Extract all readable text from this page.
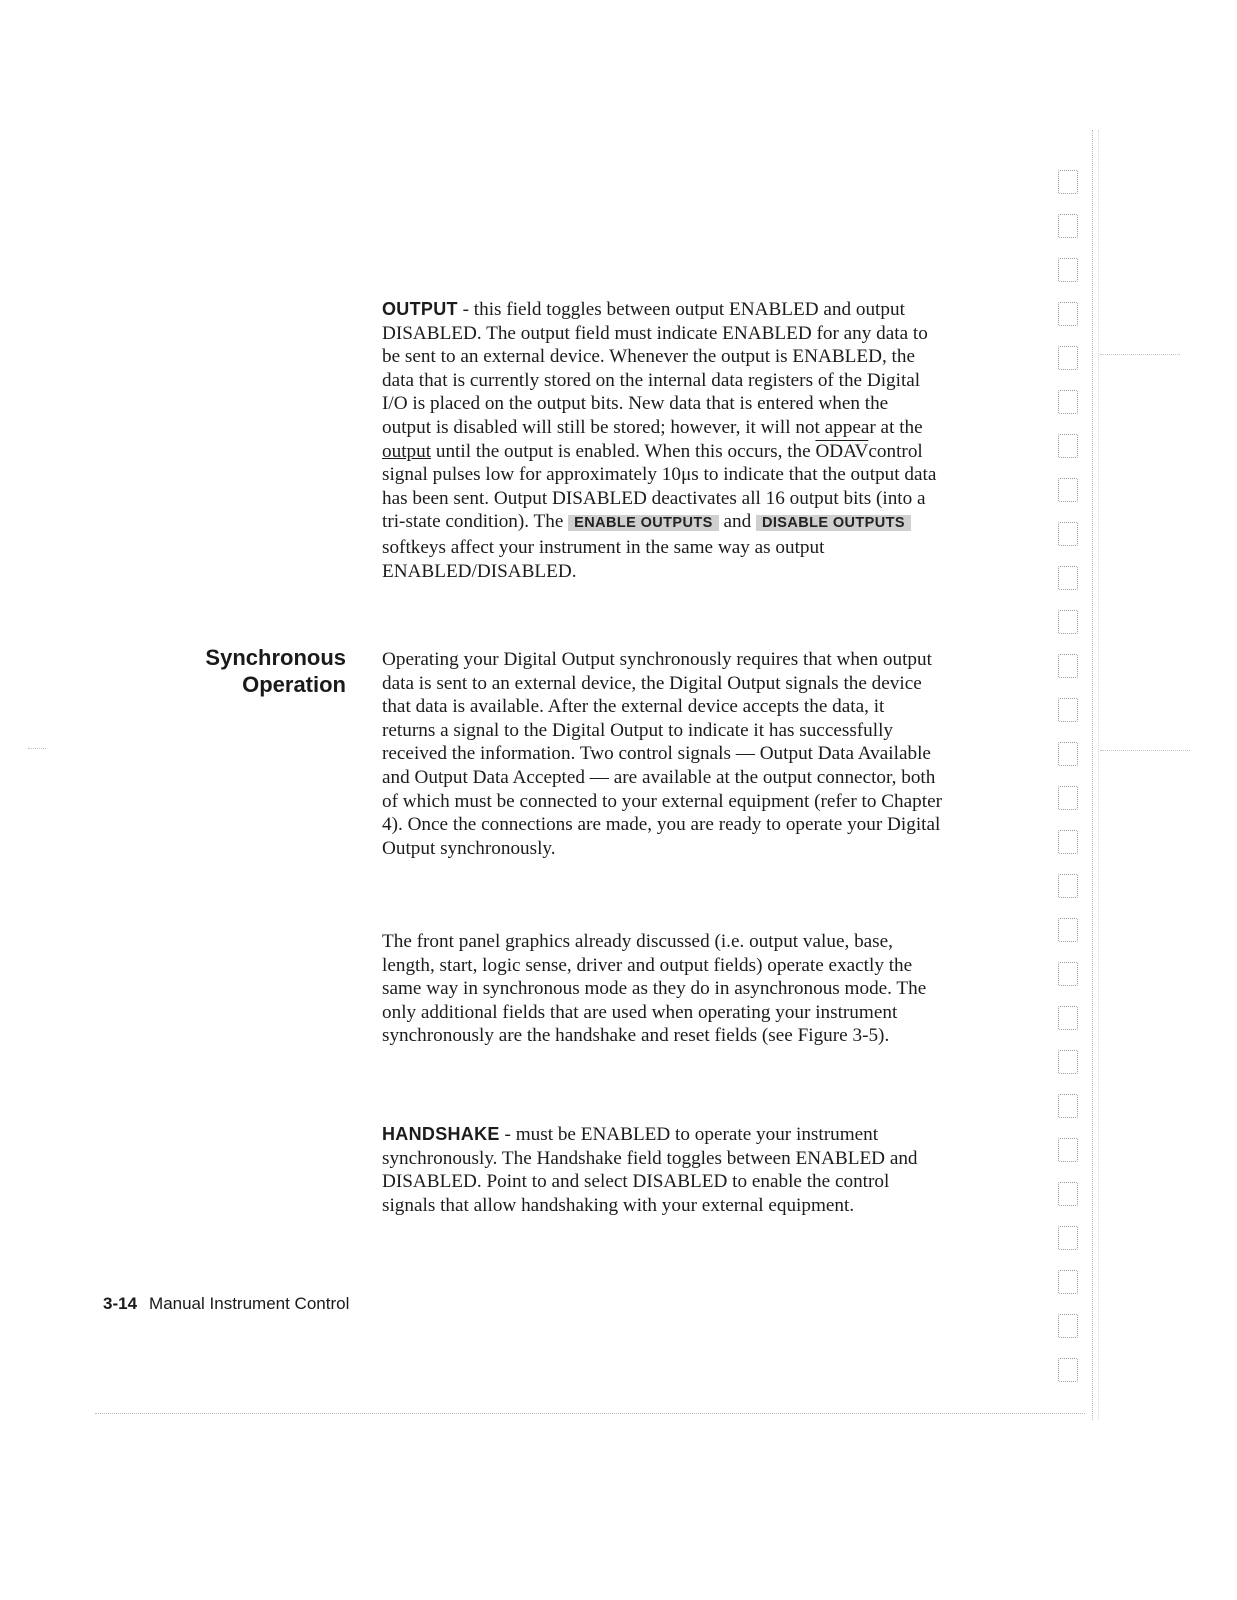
OUTPUT - this field toggles between output ENABLED and output DISABLED. The output field must indicate ENABLED for any data to be sent to an external device. Whenever the output is ENABLED, the data that is currently stored on the internal data registers of the Digital I/O is placed on the output bits. New data that is entered when the output is disabled will still be stored; however, it will not appear at the output until the output is enabled. When this occurs, the ODAVcontrol signal pulses low for approximately 10μs to indicate that the output data has been sent. Output DISABLED deactivates all 16 output bits (into a tri-state condition). The ENABLE OUTPUTS and DISABLE OUTPUTS softkeys affect your instrument in the same way as output ENABLED/DISABLED.

Synchronous
Operation

Operating your Digital Output synchronously requires that when output data is sent to an external device, the Digital Output signals the device that data is available. After the external device accepts the data, it returns a signal to the Digital Output to indicate it has successfully received the information. Two control signals — Output Data Available and Output Data Accepted — are available at the output connector, both of which must be connected to your external equipment (refer to Chapter 4). Once the connections are made, you are ready to operate your Digital Output synchronously.

The front panel graphics already discussed (i.e. output value, base, length, start, logic sense, driver and output fields) operate exactly the same way in synchronous mode as they do in asynchronous mode. The only additional fields that are used when operating your instrument synchronously are the handshake and reset fields (see Figure 3-5).

HANDSHAKE - must be ENABLED to operate your instrument synchronously. The Handshake field toggles between ENABLED and DISABLED. Point to and select DISABLED to enable the control signals that allow handshaking with your external equipment.

3-14 Manual Instrument Control
